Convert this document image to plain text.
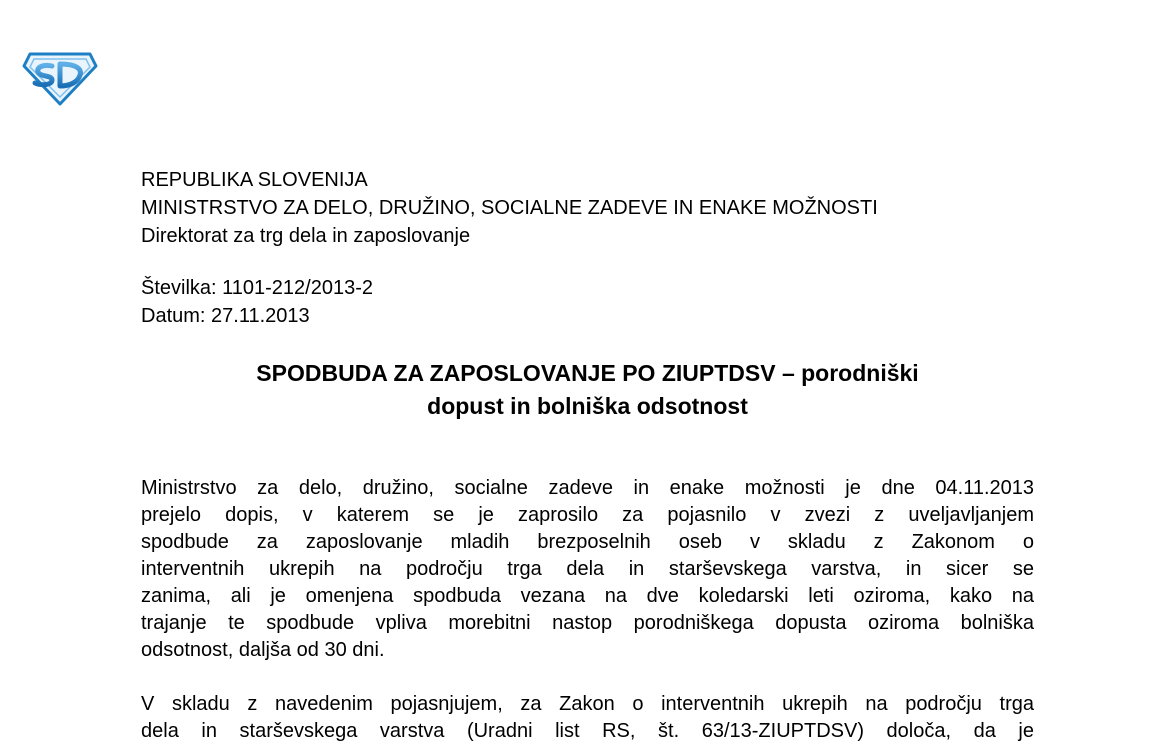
SD
REPUBLIKA SLOVENIJA
MINISTRSTVO ZA DELO, DRUŽINO, SOCIALNE ZADEVE IN ENAKE MOŽNOSTI
Direktorat za trg dela in zaposlovanje
Številka: 1101-212/2013-2
Datum: 27.11.2013
SPODBUDA ZA ZAPOSLOVANJE PO ZIUPTDSV – porodniški
dopust in bolniška odsotnost
Ministrstvo za delo, družino, socialne zadeve in enake možnosti je dne 04.11.2013
prejelo dopis, v katerem se je zaprosilo za pojasnilo v zvezi z uveljavljanjem
spodbude za zaposlovanje mladih brezposelnih oseb v skladu z Zakonom o
interventnih ukrepih na področju trga dela in starševskega varstva, in sicer se
zanima, ali je omenjena spodbuda vezana na dve koledarski leti oziroma, kako na
trajanje te spodbude vpliva morebitni nastop porodniškega dopusta oziroma bolniška
odsotnost, daljša od 30 dni.
V skladu z navedenim pojasnjujem, za Zakon o interventnih ukrepih na področju trga
dela in starševskega varstva (Uradni list RS, št. 63/13-ZIUPTDSV) določa, da je
